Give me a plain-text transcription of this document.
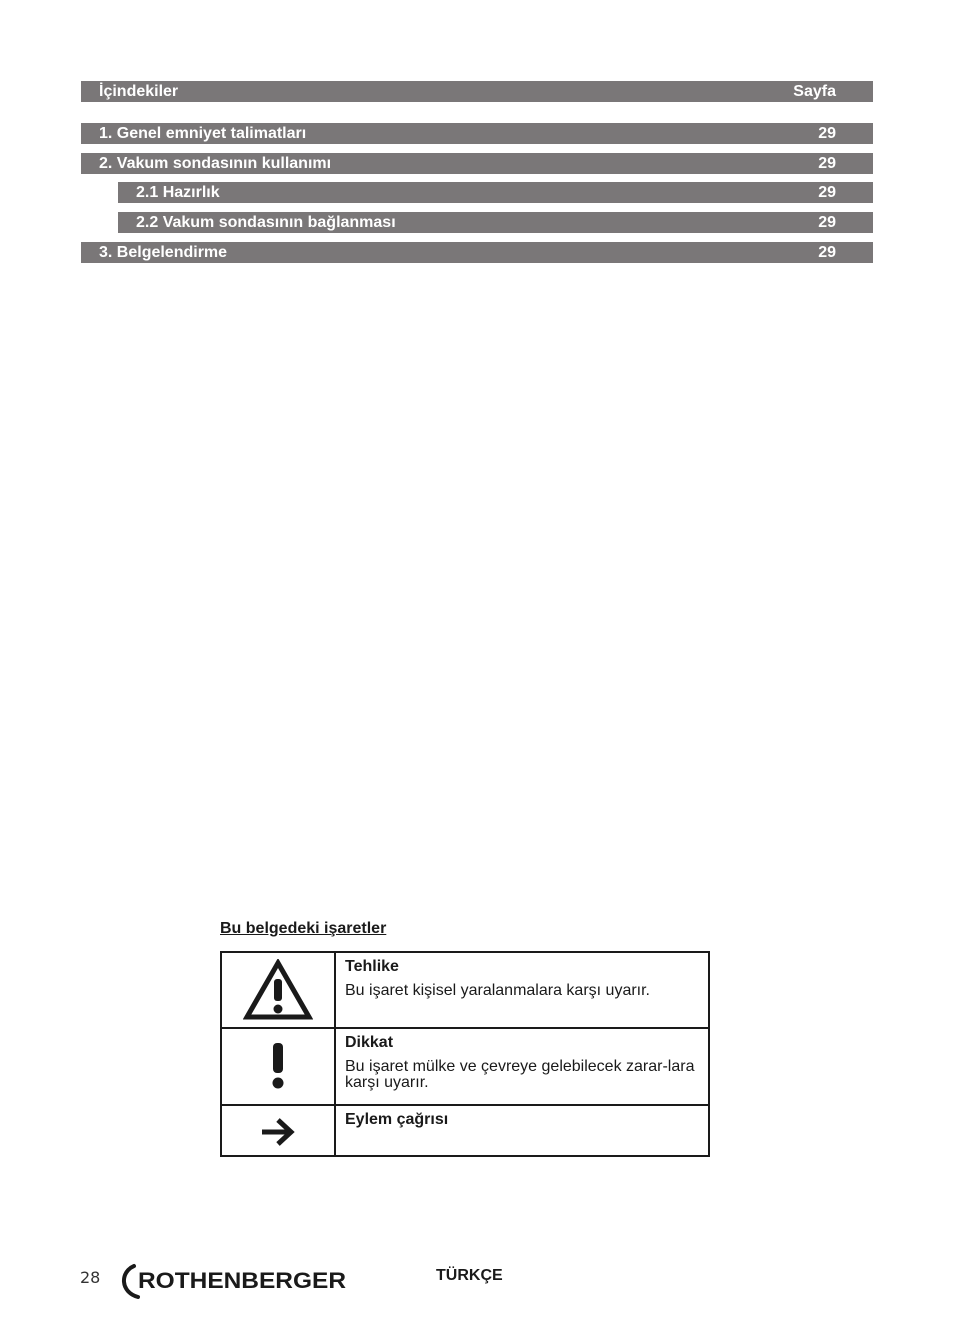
İçindekiler	Sayfa
1. Genel emniyet talimatları	29
2. Vakum sondasının kullanımı	29
2.1 Hazırlık	29
2.2 Vakum sondasının bağlanması	29
3. Belgelendirme	29
Bu belgedeki işaretler

Tehlike
Bu işaret kişisel yaralanmalara karşı uyarır.

Dikkat
Bu işaret mülke ve çevreye gelebilecek zarar-lara karşı uyarır.

Eylem çağrısı
28 ROTHENBERGER	TÜRKÇE
